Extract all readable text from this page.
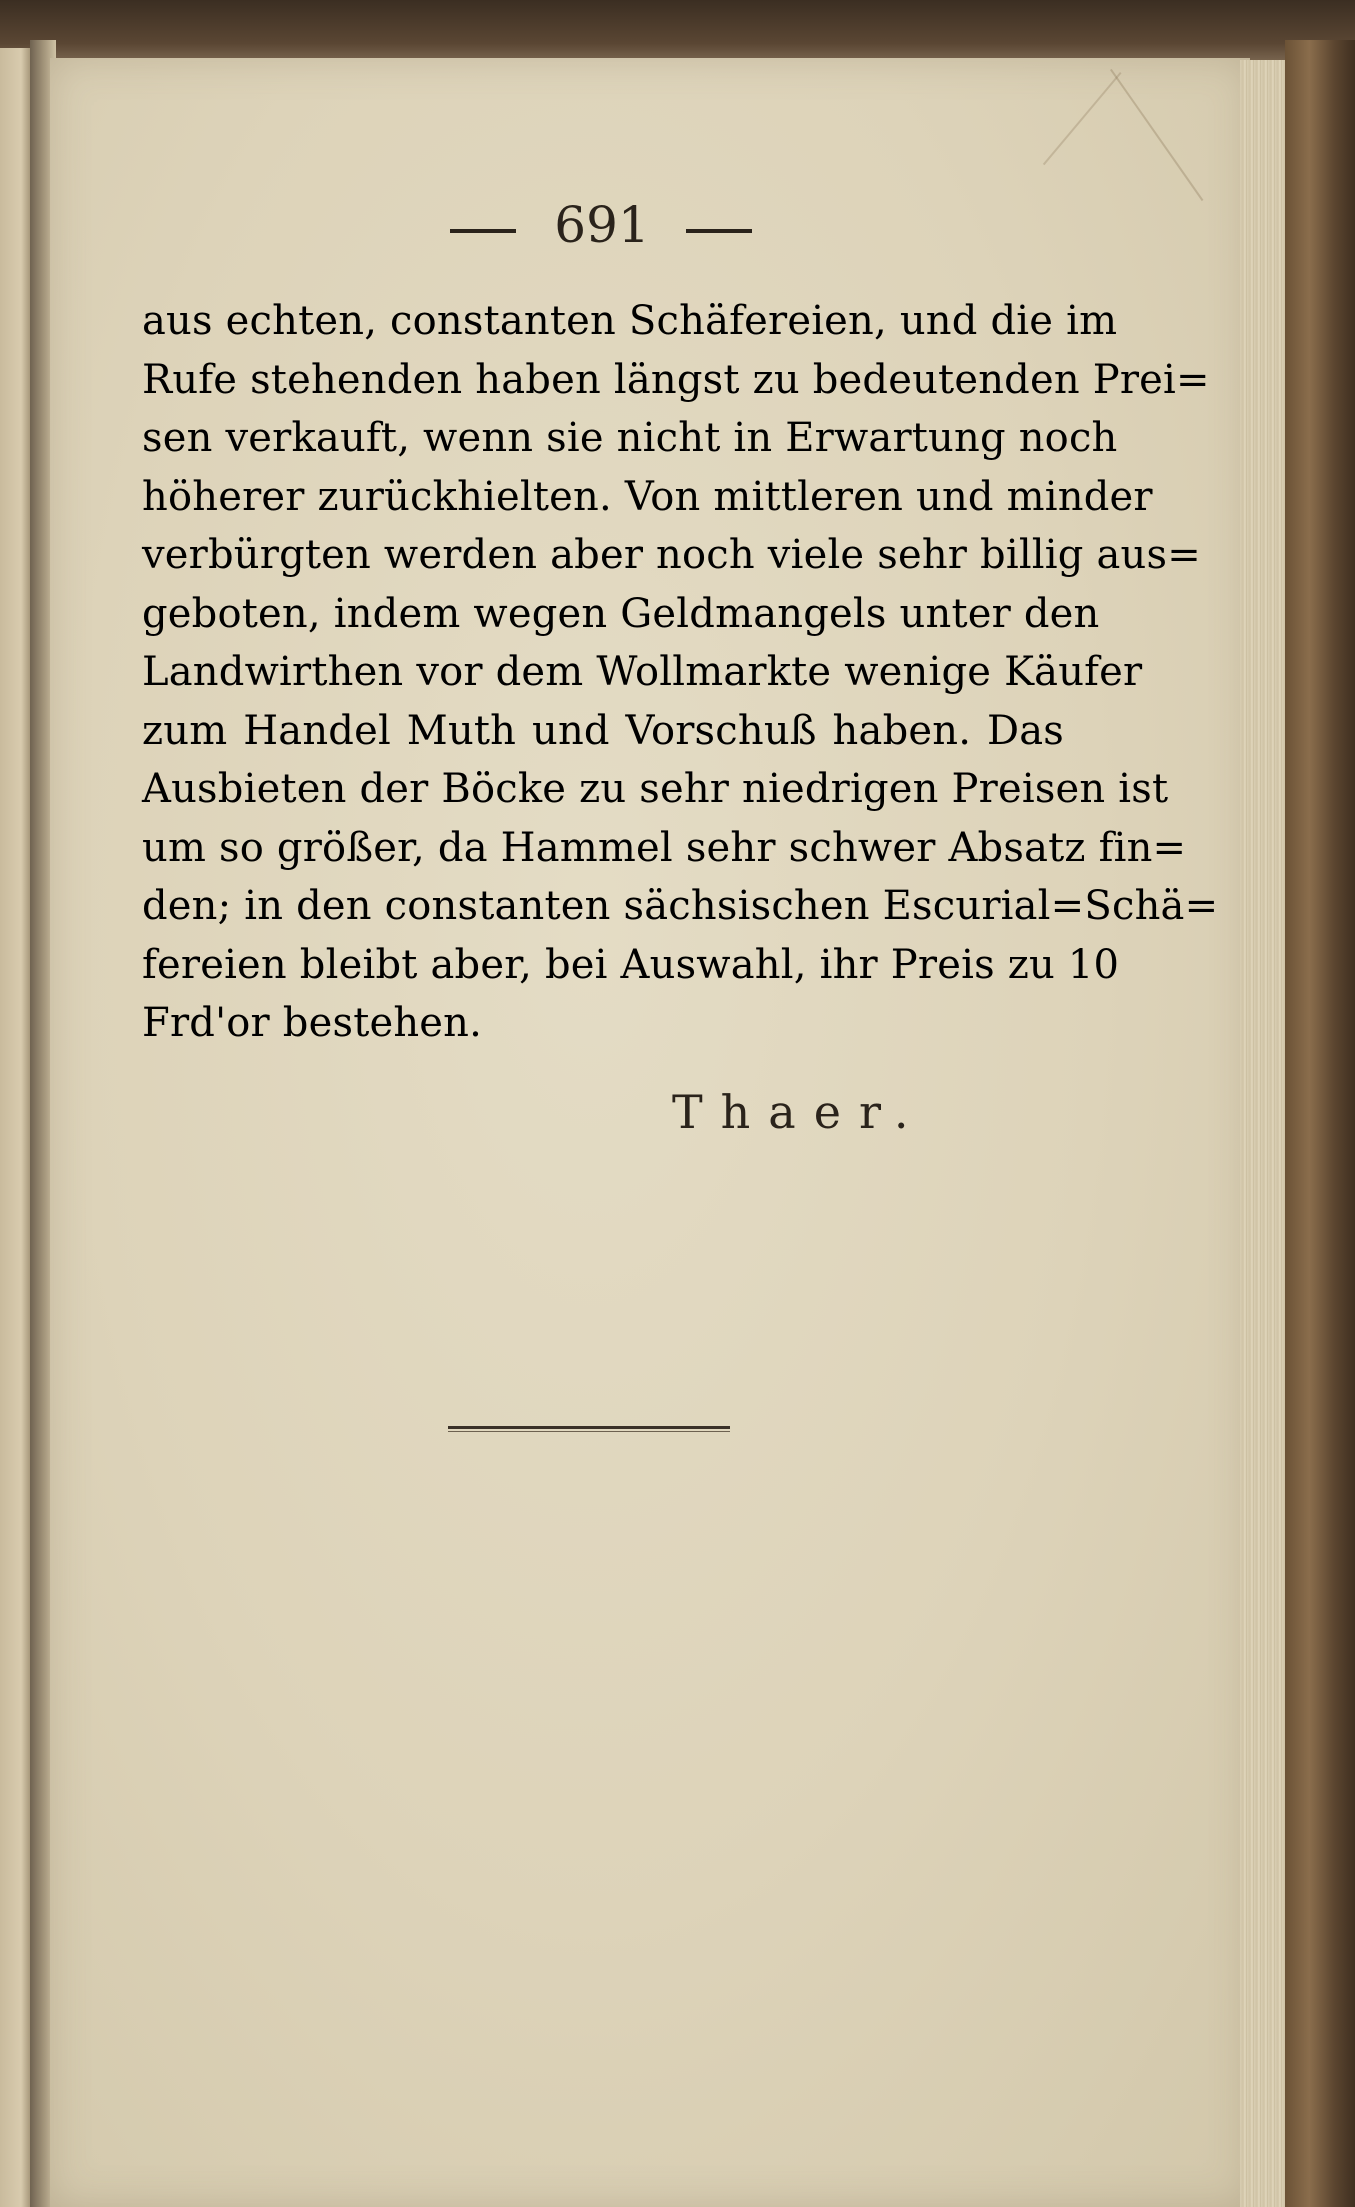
691
aus echten, constanten Schäfereien, und die im
Rufe stehenden haben längst zu bedeutenden Prei=
sen verkauft, wenn sie nicht in Erwartung noch
höherer zurückhielten. Von mittleren und minder
verbürgten werden aber noch viele sehr billig aus=
geboten, indem wegen Geldmangels unter den
Landwirthen vor dem Wollmarkte wenige Käufer
zum Handel Muth und Vorschuß haben. Das
Ausbieten der Böcke zu sehr niedrigen Preisen ist
um so größer, da Hammel sehr schwer Absatz fin=
den; in den constanten sächsischen Escurial=Schä=
fereien bleibt aber, bei Auswahl, ihr Preis zu 10
Frd'or bestehen.
Thaer.
